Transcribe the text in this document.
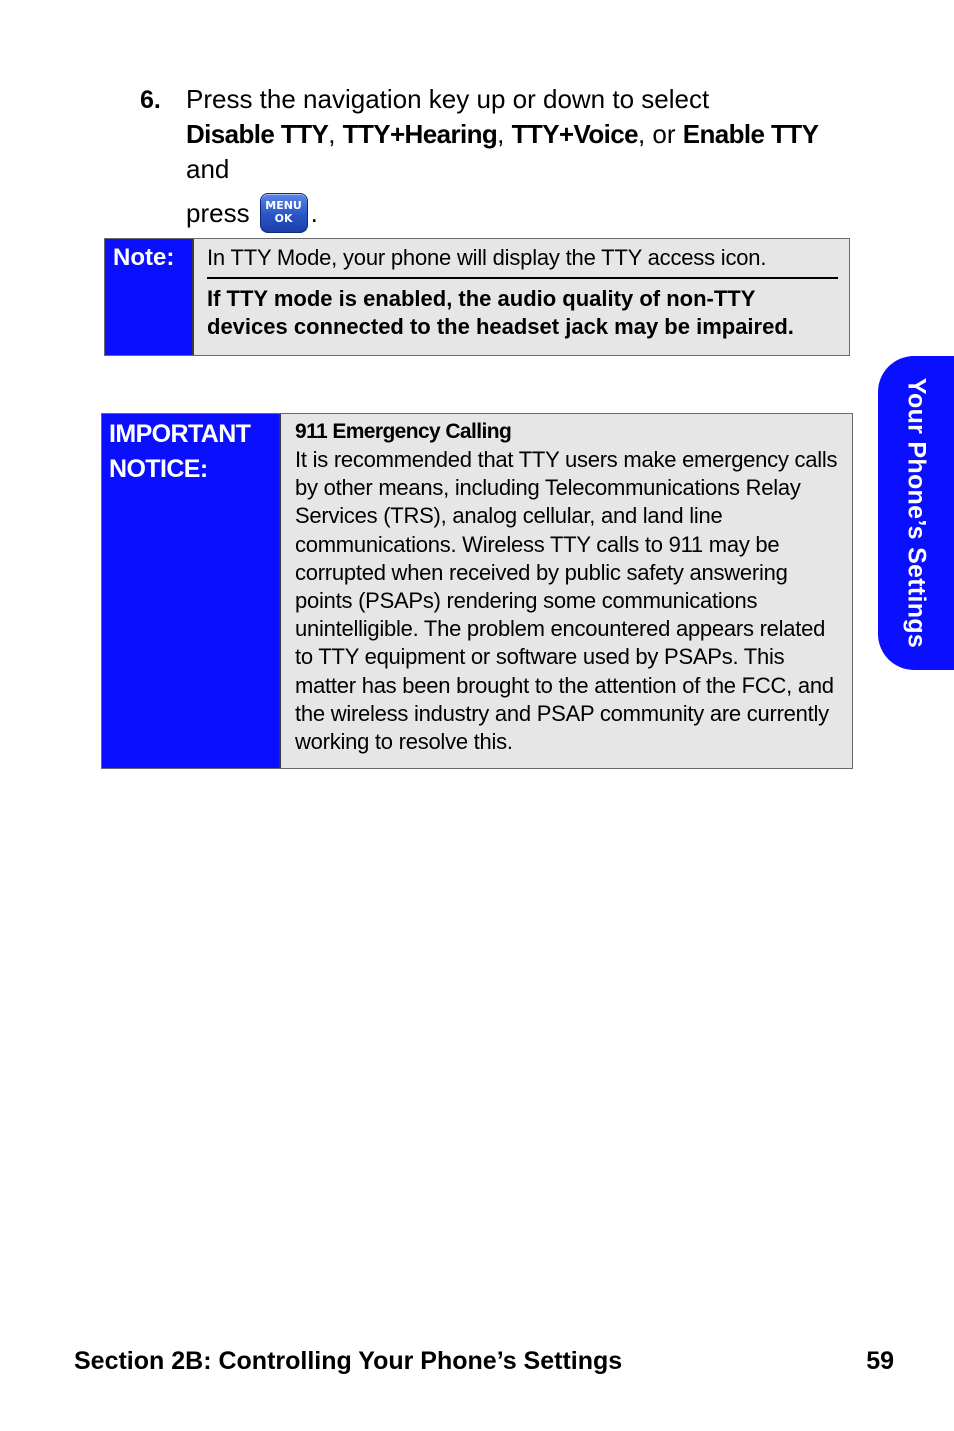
6. Press the navigation key up or down to select
Disable TTY, TTY+Hearing, TTY+Voice, or Enable TTY and
press	MENU
OK .
Note:	In TTY Mode, your phone will display the TTY access icon.
If TTY mode is enabled, the audio quality of non-TTY devices connected to the headset jack may be impaired.
IMPORTANT
NOTICE:
911 Emergency Calling
It is recommended that TTY users make emergency calls by other means, including Telecommunications Relay Services (TRS), analog cellular, and land line communications. Wireless TTY calls to 911 may be corrupted when received by public safety answering points (PSAPs) rendering some communications unintelligible. The problem encountered appears related to TTY equipment or software used by PSAPs. This matter has been brought to the attention of the FCC, and the wireless industry and PSAP community are currently working to resolve this.
Your Phone’s Settings
Section 2B: Controlling Your Phone’s Settings	59
